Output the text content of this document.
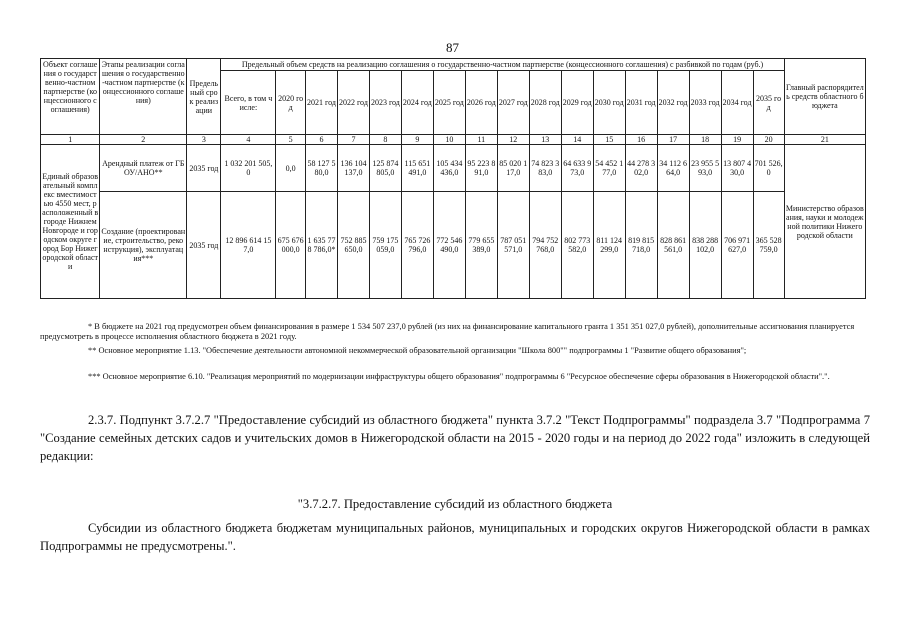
87
Объект соглашения о государственно-частном партнерстве (концессионного соглашения)	Этапы реализации соглашения о государственно-частном партнерстве (концессионного соглашения)	Предельный срок реализации	Предельный объем средств на реализацию соглашения о государственно-частном партнерстве (концессионного соглашения) с разбивкой по годам (руб.)																	Главный распорядитель средств областного бюджета
			Всего, в том числе:	2020 год	2021 год	2022 год	2023 год	2024 год	2025 год	2026 год	2027 год	2028 год	2029 год	2030 год	2031 год	2032 год	2033 год	2034 год	2035 год	
1	2	3	4	5	6	7	8	9	10	11	12	13	14	15	16	17	18	19	20	21
Единый образовательный комплекс вместимостью 4550 мест, расположенный в городе Нижнем Новгороде и городском округе город Бор Нижегородской области	Арендный платеж от ГБОУ/АНО**	2035 год	1 032 201 505,0	0,0	58 127 580,0	136 104 137,0	125 874 805,0	115 651 491,0	105 434 436,0	95 223 891,0	85 020 117,0	74 823 383,0	64 633 973,0	54 452 177,0	44 278 302,0	34 112 664,0	23 955 593,0	13 807 430,0	701 526,0	Министерство образования, науки и молодежной политики Нижегородской области
	Создание (проектирование, строительство, реконструкция), эксплуатация***	2035 год	12 896 614 157,0	675 676 000,0	1 635 778 786,0*	752 885 650,0	759 175 059,0	765 726 796,0	772 546 490,0	779 655 389,0	787 051 571,0	794 752 768,0	802 773 582,0	811 124 299,0	819 815 718,0	828 861 561,0	838 288 102,0	706 971 627,0	365 528 759,0	
* В бюджете на 2021 год предусмотрен объем финансирования в размере 1 534 507 237,0 рублей (из них на финансирование капитального гранта 1 351 351 027,0 рублей), дополнительные ассигнования планируется предусмотреть в процессе исполнения областного бюджета в 2021 году.
** Основное мероприятие 1.13. "Обеспечение деятельности автономной некоммерческой образовательной организации "Школа 800"" подпрограммы 1 "Развитие общего образования";
*** Основное мероприятие 6.10. "Реализация мероприятий по модернизации инфраструктуры общего образования" подпрограммы 6 "Ресурсное обеспечение сферы образования в Нижегородской области".".
2.3.7. Подпункт 3.7.2.7 "Предоставление субсидий из областного бюджета" пункта 3.7.2 "Текст Подпрограммы" подраздела 3.7 "Подпрограмма 7 "Создание семейных детских садов и учительских домов в Нижегородской области на 2015 - 2020 годы и на период до 2022 года" изложить в следующей редакции:
"3.7.2.7. Предоставление субсидий из областного бюджета
Субсидии из областного бюджета бюджетам муниципальных районов, муниципальных и городских округов Нижегородской области в рамках Подпрограммы не предусмотрены.".
